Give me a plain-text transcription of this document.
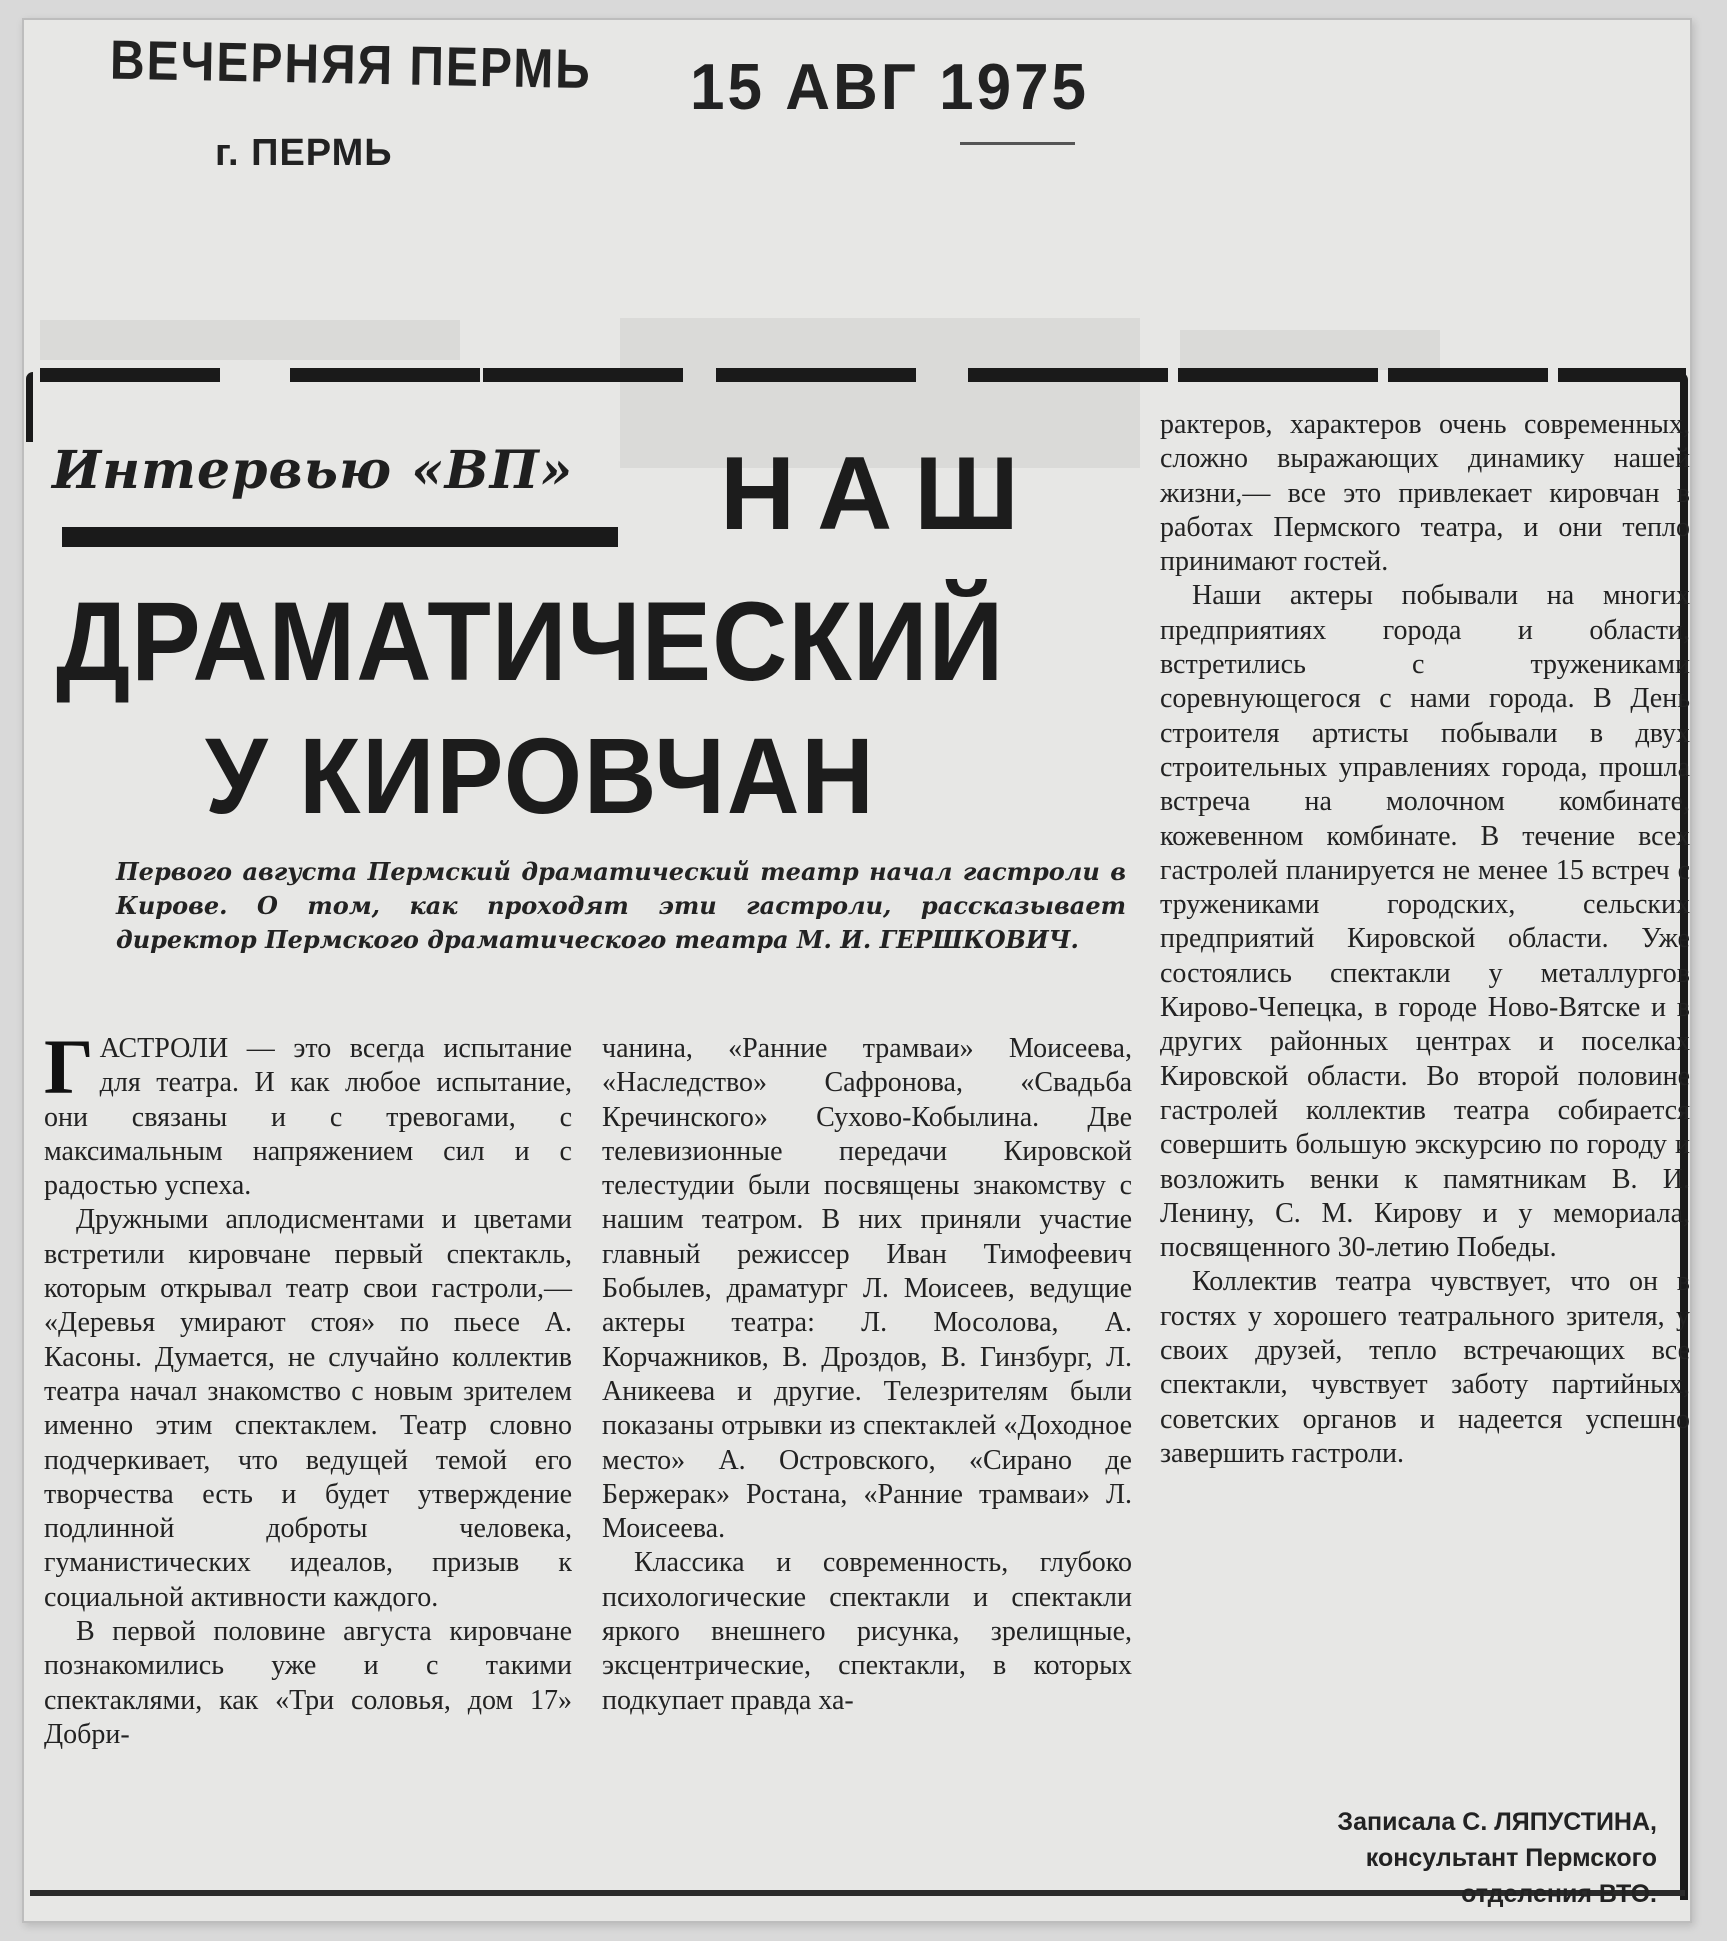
ВЕЧЕРНЯЯ ПЕРМЬ
г. ПЕРМЬ
15 АВГ 1975
Интервью «ВП» НАШ
ДРАМАТИЧЕСКИЙ
У КИРОВЧАН
Первого августа Пермский драматический театр начал гастроли в Кирове. О том, как проходят эти гастроли, рассказывает директор Пермского драматического театра М. И. ГЕРШКОВИЧ.

ГАСТРОЛИ — это всегда испытание для театра. И как любое испытание, они связаны и с тревогами, с максимальным напряжением сил и с радостью успеха.

Дружными аплодисментами и цветами встретили кировчане первый спектакль, которым открывал театр свои гастроли,— «Деревья умирают стоя» по пьесе А. Касоны. Думается, не случайно коллектив театра начал знакомство с новым зрителем именно этим спектаклем. Театр словно подчеркивает, что ведущей темой его творчества есть и будет утверждение подлинной доброты человека, гуманистических идеалов, призыв к социальной активности каждого.

В первой половине августа кировчане познакомились уже и с такими спектаклями, как «Три соловья, дом 17» Добри-

чанина, «Ранние трамваи» Моисеева, «Наследство» Сафронова, «Свадьба Кречинского» Сухово-Кобылина. Две телевизионные передачи Кировской телестудии были посвящены знакомству с нашим театром. В них приняли участие главный режиссер Иван Тимофеевич Бобылев, драматург Л. Моисеев, ведущие актеры театра: Л. Мосолова, А. Корчажников, В. Дроздов, В. Гинзбург, Л. Аникеева и другие. Телезрителям были показаны отрывки из спектаклей «Доходное место» А. Островского, «Сирано де Бержерак» Ростана, «Ранние трамваи» Л. Моисеева.

Классика и современность, глубоко психологические спектакли и спектакли яркого внешнего рисунка, зрелищные, эксцентрические, спектакли, в которых подкупает правда ха-

рактеров, характеров очень современных, сложно выражающих динамику нашей жизни,— все это привлекает кировчан в работах Пермского театра, и они тепло принимают гостей.

Наши актеры побывали на многих предприятиях города и области, встретились с тружениками соревнующегося с нами города. В День строителя артисты побывали в двух строительных управлениях города, прошла встреча на молочном комбинате, кожевенном комбинате. В течение всех гастролей планируется не менее 15 встреч с тружениками городских, сельских предприятий Кировской области. Уже состоялись спектакли у металлургов Кирово-Чепецка, в городе Ново-Вятске и в других районных центрах и поселках Кировской области. Во второй половине гастролей коллектив театра собирается совершить большую экскурсию по городу и возложить венки к памятникам В. И. Ленину, С. М. Кирову и у мемориала, посвященного 30-летию Победы.

Коллектив театра чувствует, что он в гостях у хорошего театрального зрителя, у своих друзей, тепло встречающих все спектакли, чувствует заботу партийных, советских органов и надеется успешно завершить гастроли.

Записала С. ЛЯПУСТИНА,
консультант Пермского
отделения ВТО.
